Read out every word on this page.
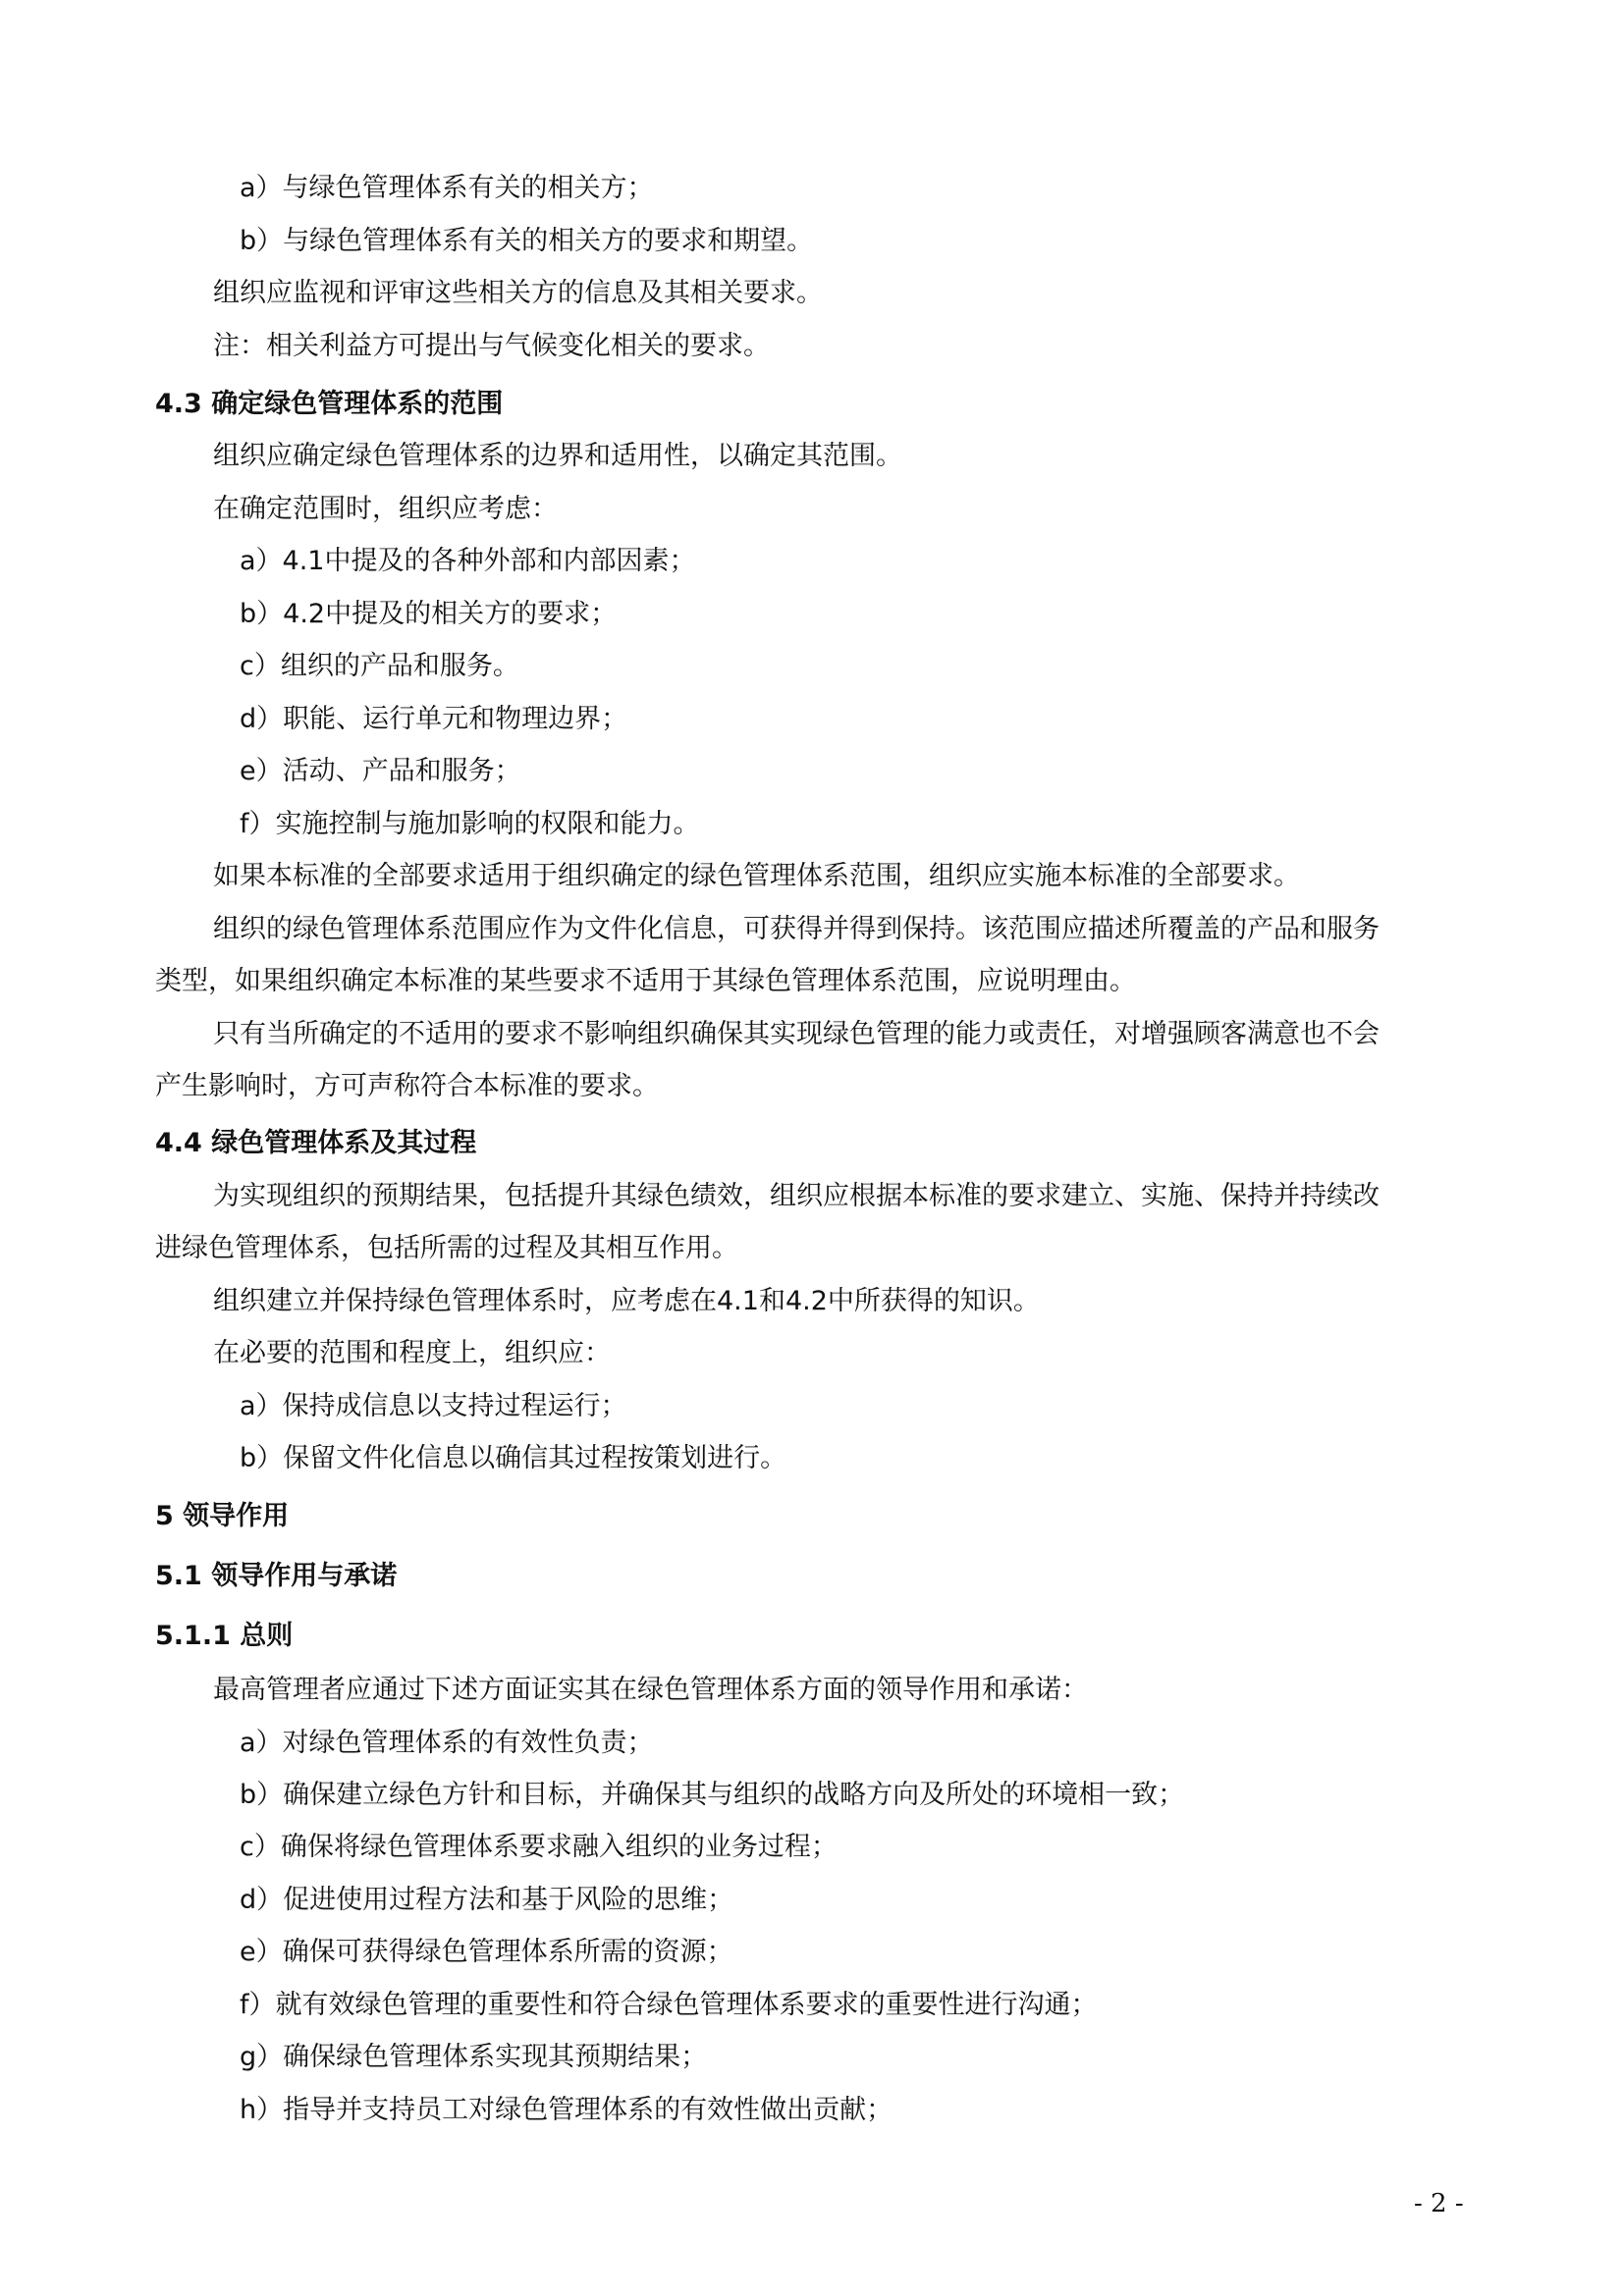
a）与绿色管理体系有关的相关方；

b）与绿色管理体系有关的相关方的要求和期望。

组织应监视和评审这些相关方的信息及其相关要求。

注：相关利益方可提出与气候变化相关的要求。

4.3 确定绿色管理体系的范围

组织应确定绿色管理体系的边界和适用性，以确定其范围。

在确定范围时，组织应考虑：

a）4.1中提及的各种外部和内部因素；

b）4.2中提及的相关方的要求；

c）组织的产品和服务。

d）职能、运行单元和物理边界；

e）活动、产品和服务；

f）实施控制与施加影响的权限和能力。

如果本标准的全部要求适用于组织确定的绿色管理体系范围，组织应实施本标准的全部要求。

组织的绿色管理体系范围应作为文件化信息，可获得并得到保持。该范围应描述所覆盖的产品和服务

类型，如果组织确定本标准的某些要求不适用于其绿色管理体系范围，应说明理由。

只有当所确定的不适用的要求不影响组织确保其实现绿色管理的能力或责任，对增强顾客满意也不会

产生影响时，方可声称符合本标准的要求。

4.4 绿色管理体系及其过程

为实现组织的预期结果，包括提升其绿色绩效，组织应根据本标准的要求建立、实施、保持并持续改

进绿色管理体系，包括所需的过程及其相互作用。

组织建立并保持绿色管理体系时，应考虑在4.1和4.2中所获得的知识。

在必要的范围和程度上，组织应：

a）保持成信息以支持过程运行；

b）保留文件化信息以确信其过程按策划进行。

5 领导作用

5.1 领导作用与承诺

5.1.1 总则

最高管理者应通过下述方面证实其在绿色管理体系方面的领导作用和承诺：

a）对绿色管理体系的有效性负责；

b）确保建立绿色方针和目标，并确保其与组织的战略方向及所处的环境相一致；

c）确保将绿色管理体系要求融入组织的业务过程；

d）促进使用过程方法和基于风险的思维；

e）确保可获得绿色管理体系所需的资源；

f）就有效绿色管理的重要性和符合绿色管理体系要求的重要性进行沟通；

g）确保绿色管理体系实现其预期结果；

h）指导并支持员工对绿色管理体系的有效性做出贡献；

- 2 -
